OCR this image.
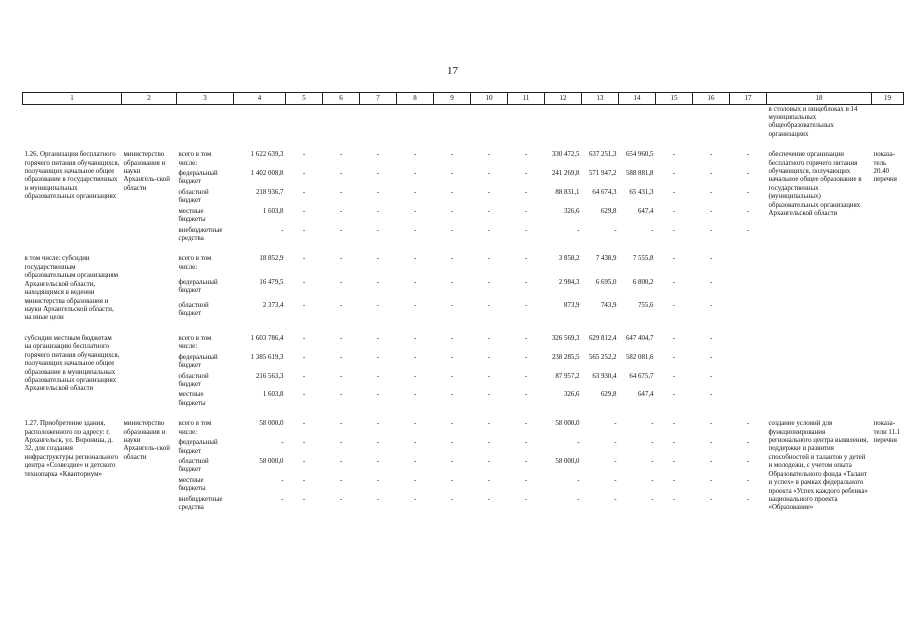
17
1	2	3	4	5	6	7	8	9	10	11	12	13	14	15	16	17	18	19
																	в столовых и пищеблоках в 14 муниципальных общеобразовательных организациях	

1.26. Организация бесплатного горячего питания обучающихся, получающих начальное общее образование в государственных и муниципальных образовательных организациях	министерство образования и науки Архангель-ской области	всего в том числе:	1 622 639,3	-	-	-	-	-	-	-	330 472,5	637 251,3	654 960,5	-	-	-	обеспечение организации бесплатного горячего питания обучающихся, получающих начальное общее образование в государственных (муниципальных) образовательных организациях Архангельской области	показа-тель 20.40 перечня
		федеральный бюджет	1 402 008,8	-	-	-	-	-	-	-	241 269,8	571 947,2	588 881,8	-	-	-		
		областной бюджет	218 936,7	-	-	-	-	-	-	-	88 831,1	64 674,3	65 431,3	-	-	-		
		местные бюджеты	1 603,8	-	-	-	-	-	-	-	326,6	629,8	647,4	-	-	-		
		внебюджетные средства	-	-	-	-	-	-	-	-	-	-	-	-	-	-		

в том числе: субсидии государственным образовательным организациям Архангельской области, находящимся в ведении министерства образования и науки Архангельской области, на иные цели		всего в том числе:	18 852,9	-	-	-	-	-	-	-	3 858,2	7 438,9	7 555,8	-	-			
		федеральный бюджет	16 479,5	-	-	-	-	-	-	-	2 984,3	6 695,0	6 800,2	-	-			
		областной бюджет	2 373,4	-	-	-	-	-	-	-	873,9	743,9	755,6	-	-			

субсидии местным бюджетам на организацию бесплатного горячего питания обучающихся, получающих начальное общее образование в муниципальных образовательных организациях Архангельской области		всего в том числе:	1 603 786,4	-	-	-	-	-	-	-	326 569,3	629 812,4	647 404,7	-	-			
		федеральный бюджет	1 385 619,3	-	-	-	-	-	-	-	238 285,5	565 252,2	582 081,6	-	-			
		областной бюджет	216 563,3	-	-	-	-	-	-	-	87 957,2	63 930,4	64 675,7	-	-			
		местные бюджеты	1 603,8	-	-	-	-	-	-	-	326,6	629,8	647,4	-	-			

1.27. Приобретение здания, расположенного по адресу: г. Архангельск, ул. Воронина, д. 32, для создания инфраструктуры регионального центра «Созвездие» и детского технопарка «Кванториум»	министерство образования и науки Архангель-ской области	всего в том числе:	58 000,0	-	-	-	-	-	-	-	58 000,0	-	-	-	-	-	создание условий для функционирования регионального центра выявления, поддержки и развития способностей и талантов у детей и молодежи, с учетом опыта Образовательного фонда «Талант и успех» в рамках федерального проекта «Успех каждого ребенка» национального проекта «Образование»	показа-тели 11.1 перечня
		федеральный бюджет	-	-	-	-	-	-	-	-	-	-	-	-	-	-		
		областной бюджет	58 000,0	-	-	-	-	-	-	-	58 000,0	-	-	-	-	-		
		местные бюджеты	-	-	-	-	-	-	-	-	-	-	-	-	-	-		
		внебюджетные средства	-	-	-	-	-	-	-	-	-	-	-	-	-	-		
